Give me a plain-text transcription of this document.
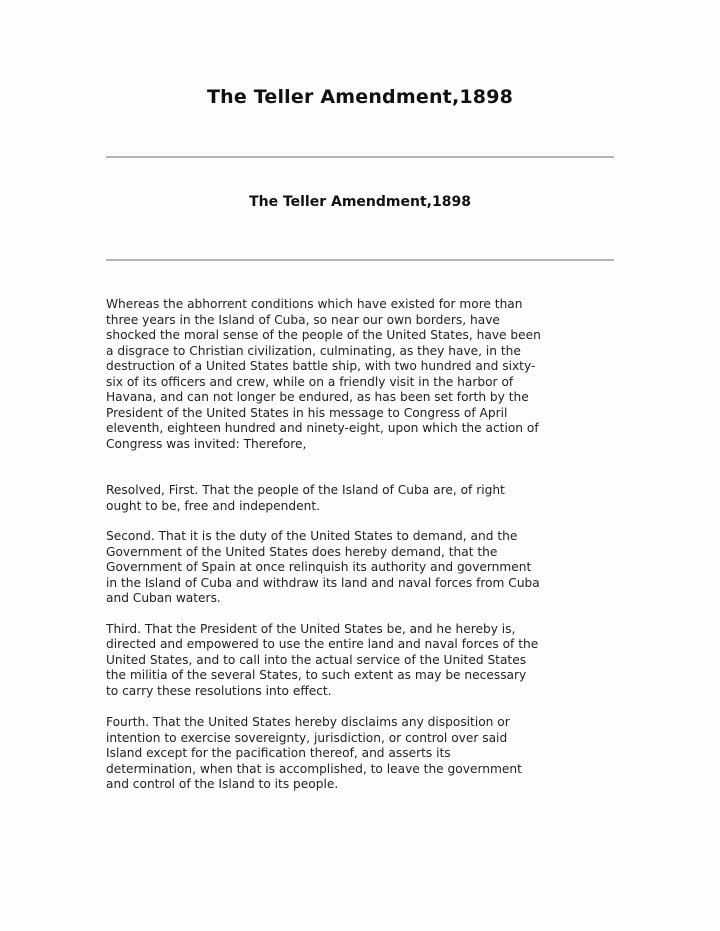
The Teller Amendment,1898
The Teller Amendment,1898

Whereas the abhorrent conditions which have existed for more than
three years in the Island of Cuba, so near our own borders, have
shocked the moral sense of the people of the United States, have been
a disgrace to Christian civilization, culminating, as they have, in the
destruction of a United States battle ship, with two hundred and sixty-
six of its officers and crew, while on a friendly visit in the harbor of
Havana, and can not longer be endured, as has been set forth by the
President of the United States in his message to Congress of April
eleventh, eighteen hundred and ninety-eight, upon which the action of
Congress was invited: Therefore,

Resolved, First. That the people of the Island of Cuba are, of right
ought to be, free and independent.

Second. That it is the duty of the United States to demand, and the
Government of the United States does hereby demand, that the
Government of Spain at once relinquish its authority and government
in the Island of Cuba and withdraw its land and naval forces from Cuba
and Cuban waters.

Third. That the President of the United States be, and he hereby is,
directed and empowered to use the entire land and naval forces of the
United States, and to call into the actual service of the United States
the militia of the several States, to such extent as may be necessary
to carry these resolutions into effect.

Fourth. That the United States hereby disclaims any disposition or
intention to exercise sovereignty, jurisdiction, or control over said
Island except for the pacification thereof, and asserts its
determination, when that is accomplished, to leave the government
and control of the Island to its people.
